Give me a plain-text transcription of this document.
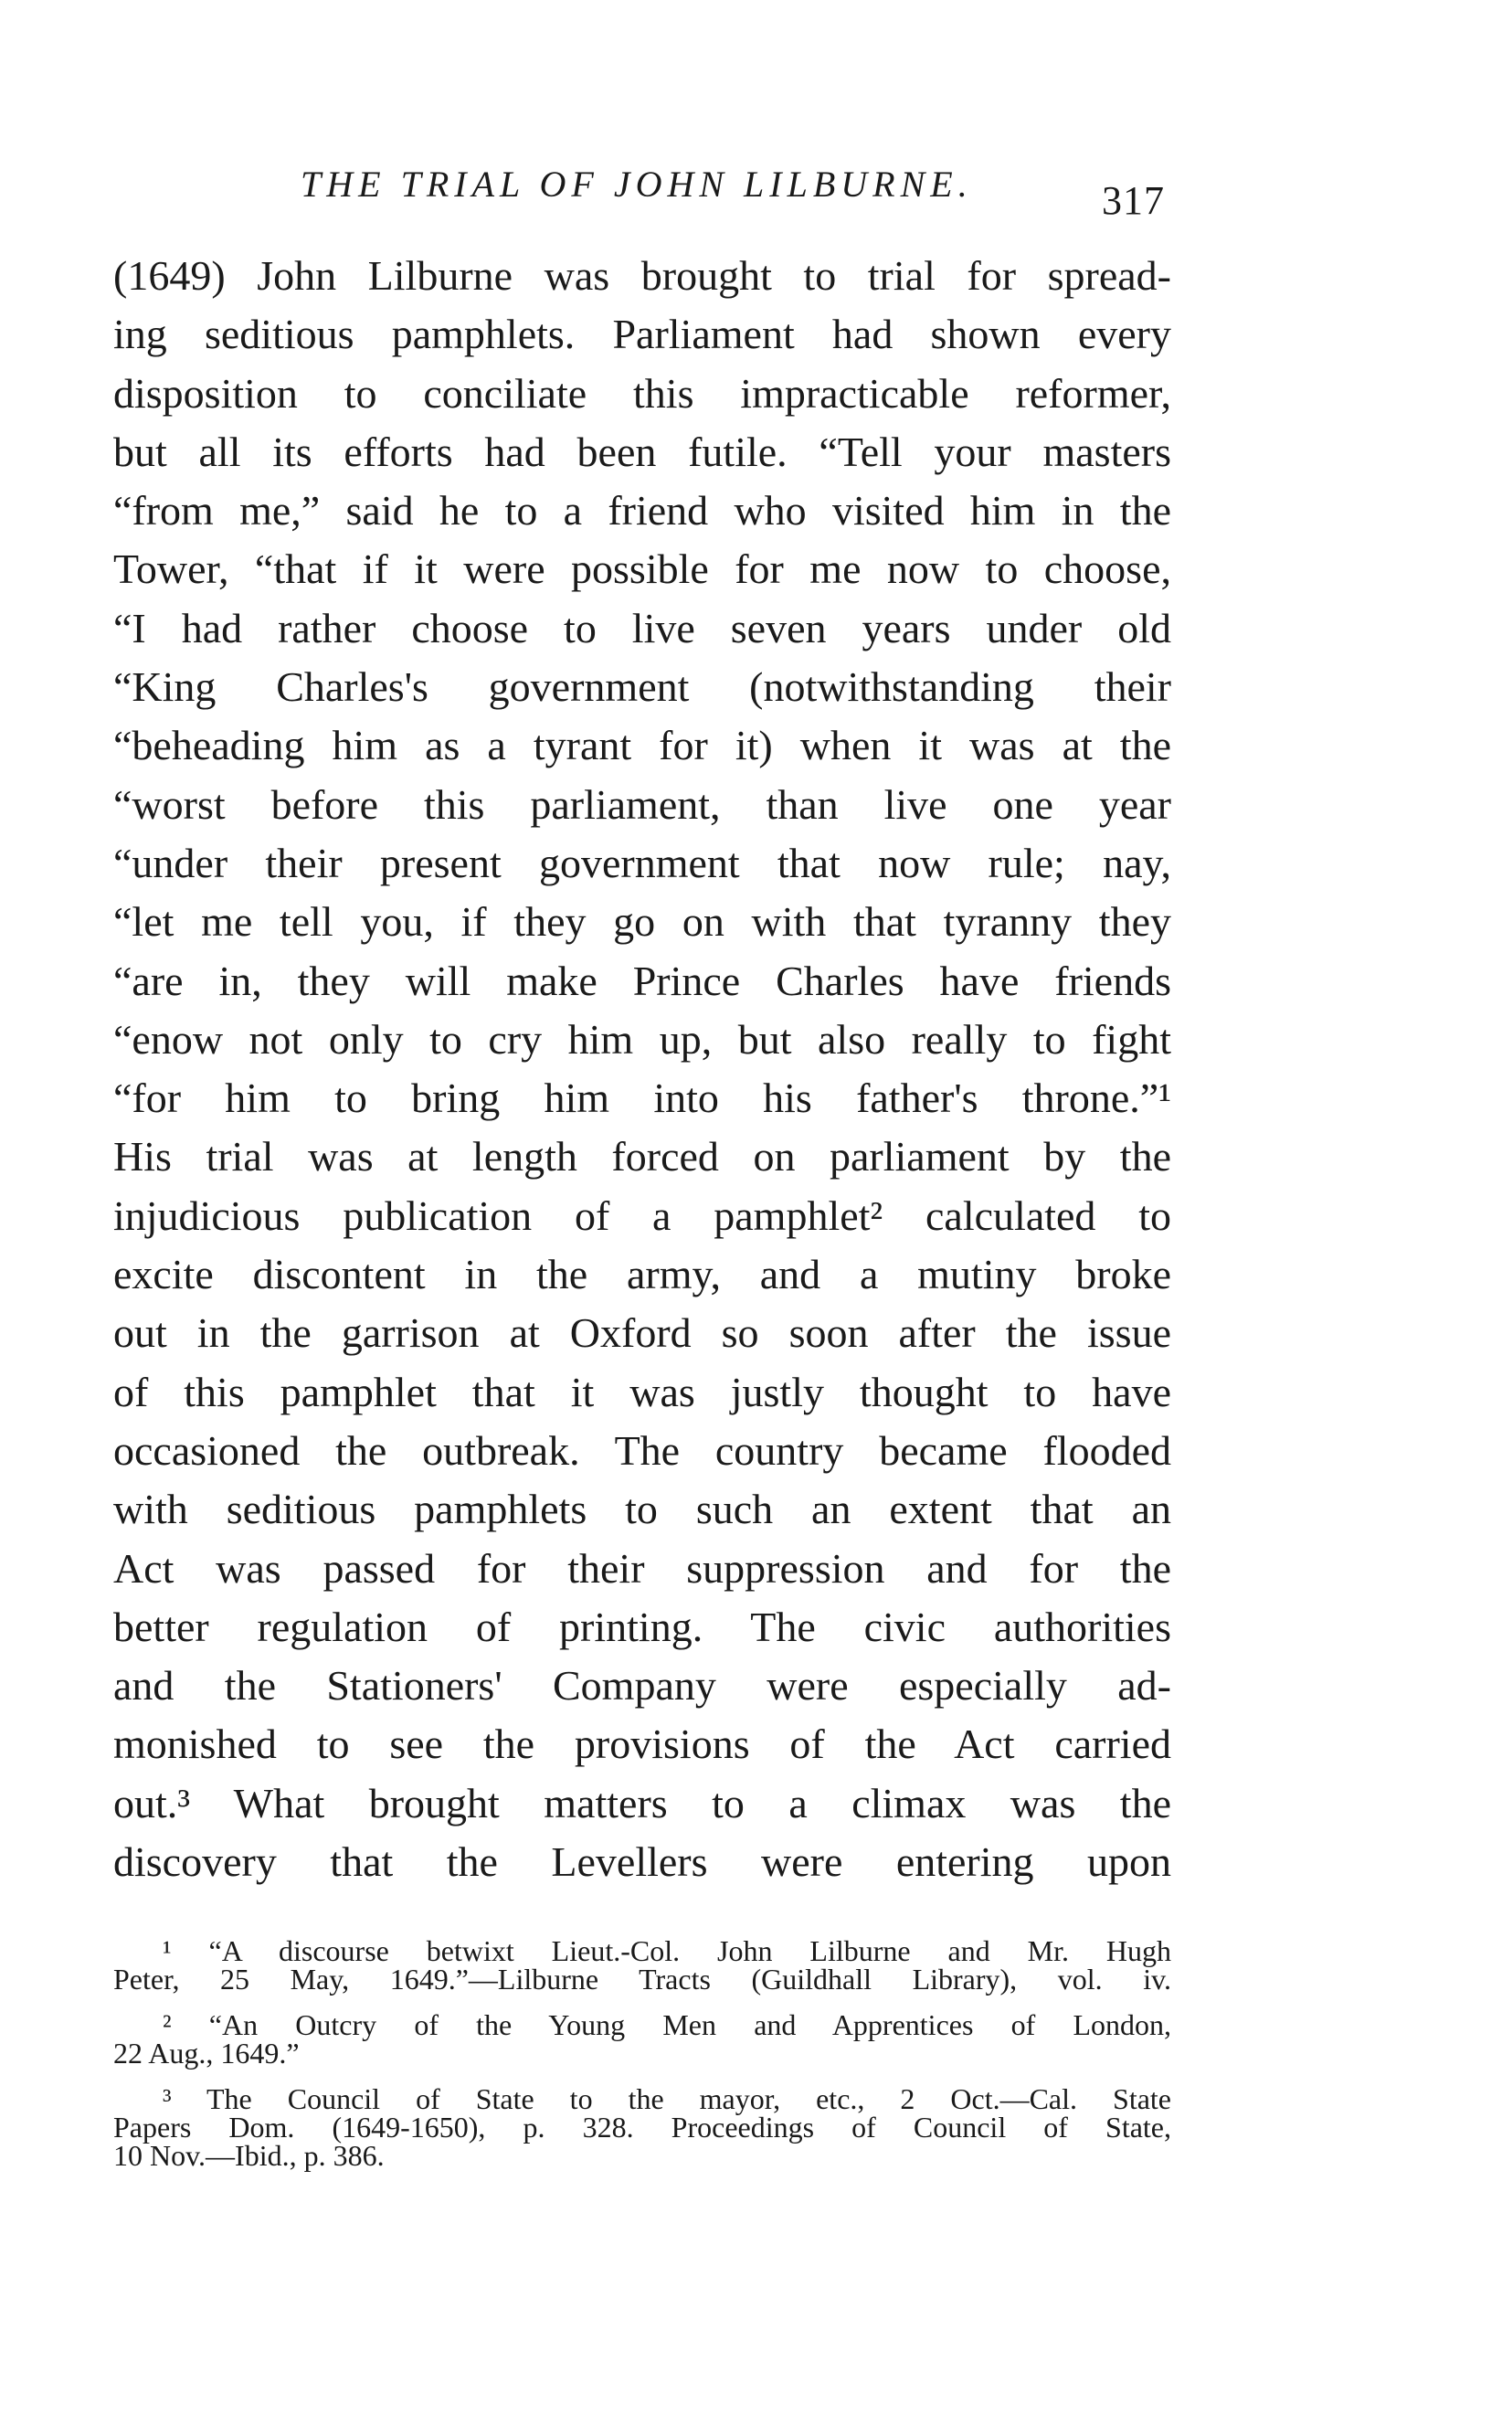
THE TRIAL OF JOHN LILBURNE.	317
(1649) John Lilburne was brought to trial for spread-
ing seditious pamphlets. Parliament had shown every
disposition to conciliate this impracticable reformer,
but all its efforts had been futile. “Tell your masters
“from me,” said he to a friend who visited him in the
Tower, “that if it were possible for me now to choose,
“I had rather choose to live seven years under old
“King Charles's government (notwithstanding their
“beheading him as a tyrant for it) when it was at the
“worst before this parliament, than live one year
“under their present government that now rule; nay,
“let me tell you, if they go on with that tyranny they
“are in, they will make Prince Charles have friends
“enow not only to cry him up, but also really to fight
“for him to bring him into his father's throne.”¹
His trial was at length forced on parliament by the
injudicious publication of a pamphlet² calculated to
excite discontent in the army, and a mutiny broke
out in the garrison at Oxford so soon after the issue
of this pamphlet that it was justly thought to have
occasioned the outbreak. The country became flooded
with seditious pamphlets to such an extent that an
Act was passed for their suppression and for the
better regulation of printing. The civic authorities
and the Stationers' Company were especially ad-
monished to see the provisions of the Act carried
out.³ What brought matters to a climax was the
discovery that the Levellers were entering upon
¹ “A discourse betwixt Lieut.-Col. John Lilburne and Mr. Hugh
Peter, 25 May, 1649.”—Lilburne Tracts (Guildhall Library), vol. iv.
² “An Outcry of the Young Men and Apprentices of London,
22 Aug., 1649.”
³ The Council of State to the mayor, etc., 2 Oct.—Cal. State
Papers Dom. (1649-1650), p. 328. Proceedings of Council of State,
10 Nov.—Ibid., p. 386.
